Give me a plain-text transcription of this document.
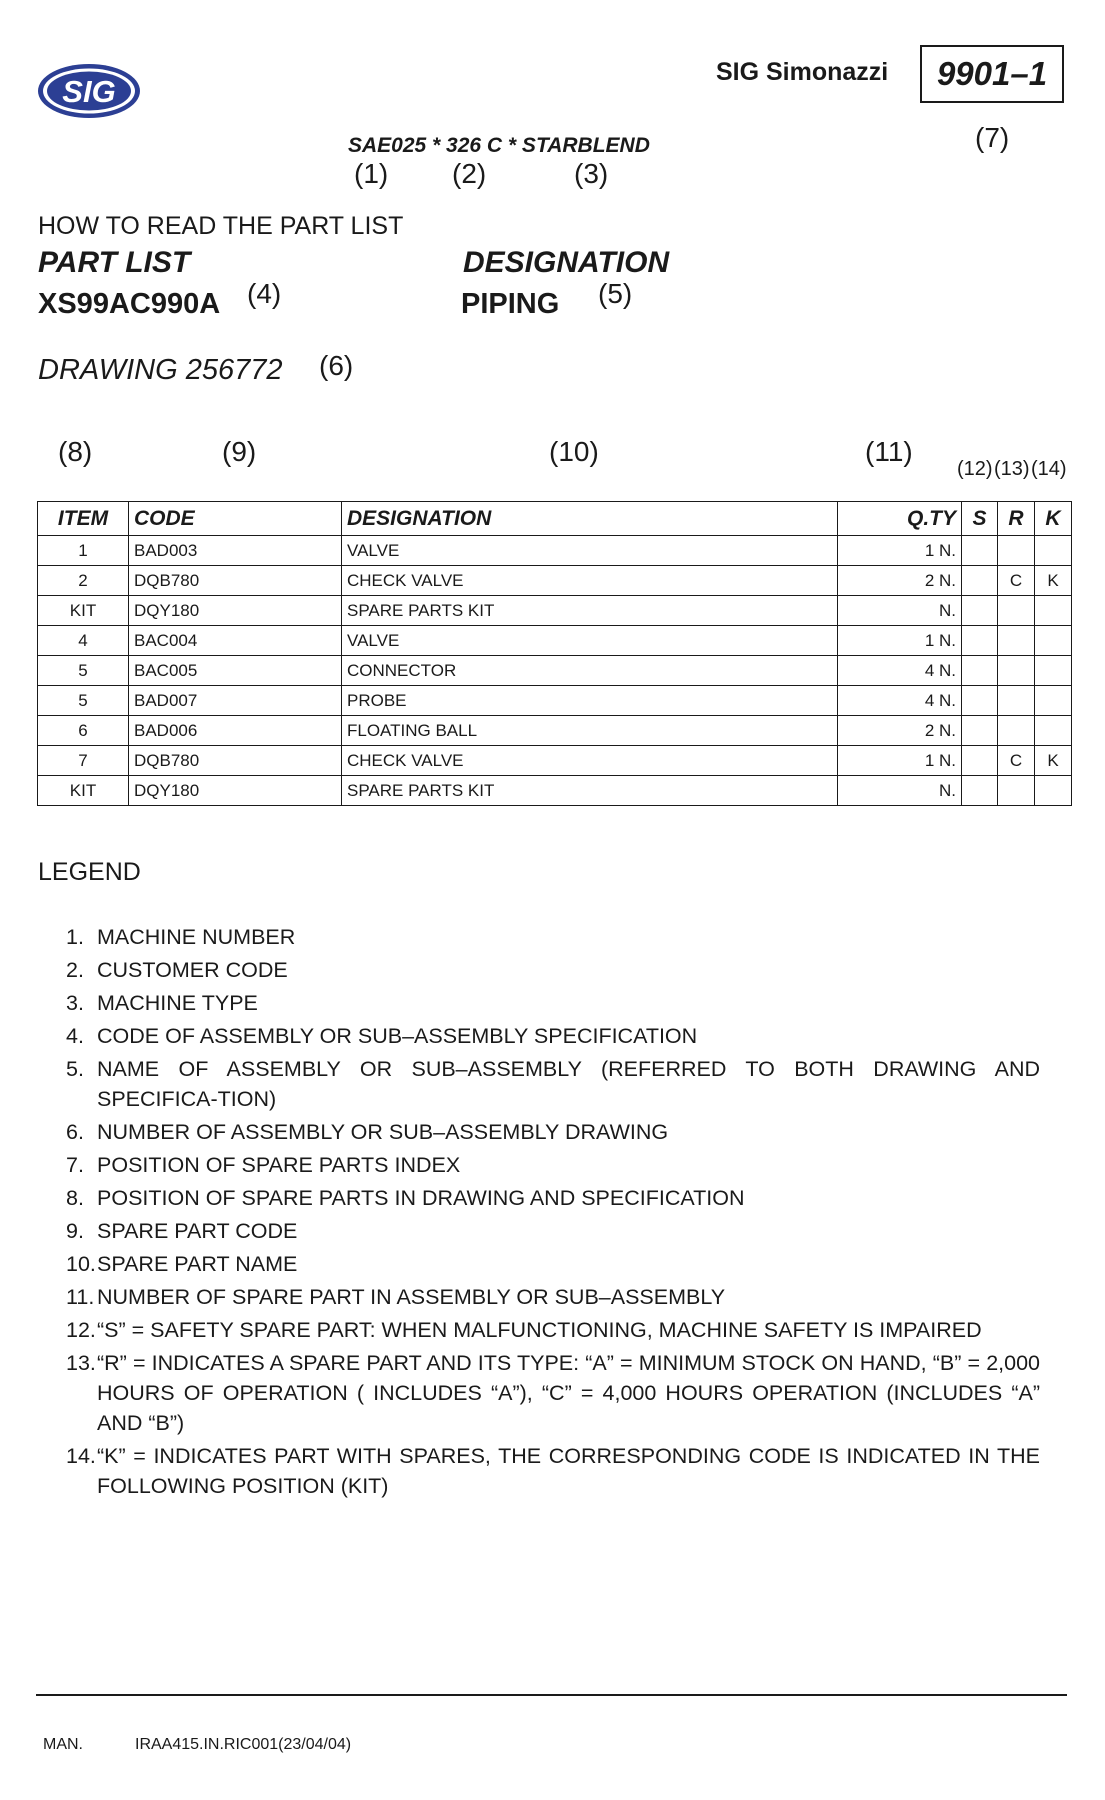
SIG
SIG Simonazzi	9901–1
(7)
SAE025 * 326 C * STARBLEND
(1) (2)	(3)
HOW TO READ THE PART LIST
PART LIST	DESIGNATION
XS99AC990A (4)	PIPING (5)
DRAWING 256772 (6)
(8)	(9)	(10)	(11)
(12) (13) (14)
ITEM	CODE	DESIGNATION	Q.TY	S	R	K
1	BAD003	VALVE	1 N.			
2	DQB780	CHECK VALVE	2 N.		C	K
KIT	DQY180	SPARE PARTS KIT	N.			
4	BAC004	VALVE	1 N.			
5	BAC005	CONNECTOR	4 N.			
5	BAD007	PROBE	4 N.			
6	BAD006	FLOATING BALL	2 N.			
7	DQB780	CHECK VALVE	1 N.		C	K
KIT	DQY180	SPARE PARTS KIT	N.			
LEGEND
1. MACHINE NUMBER
2. CUSTOMER CODE
3. MACHINE TYPE
4. CODE OF ASSEMBLY OR SUB–ASSEMBLY SPECIFICATION
5. NAME OF ASSEMBLY OR SUB–ASSEMBLY (REFERRED TO BOTH DRAWING AND SPECIFICA-TION)
6. NUMBER OF ASSEMBLY OR SUB–ASSEMBLY DRAWING
7. POSITION OF SPARE PARTS INDEX
8. POSITION OF SPARE PARTS IN DRAWING AND SPECIFICATION
9. SPARE PART CODE
10. SPARE PART NAME
11. NUMBER OF SPARE PART IN ASSEMBLY OR SUB–ASSEMBLY
12. “S” = SAFETY SPARE PART: WHEN MALFUNCTIONING, MACHINE SAFETY IS IMPAIRED
13. “R” = INDICATES A SPARE PART AND ITS TYPE: “A” = MINIMUM STOCK ON HAND, “B” = 2,000 HOURS OF OPERATION ( INCLUDES “A”), “C” = 4,000 HOURS OPERATION (INCLUDES “A” AND “B”)
14. “K” = INDICATES PART WITH SPARES, THE CORRESPONDING CODE IS INDICATED IN THE FOLLOWING POSITION (KIT)
MAN.	IRAA415.IN.RIC001(23/04/04)
